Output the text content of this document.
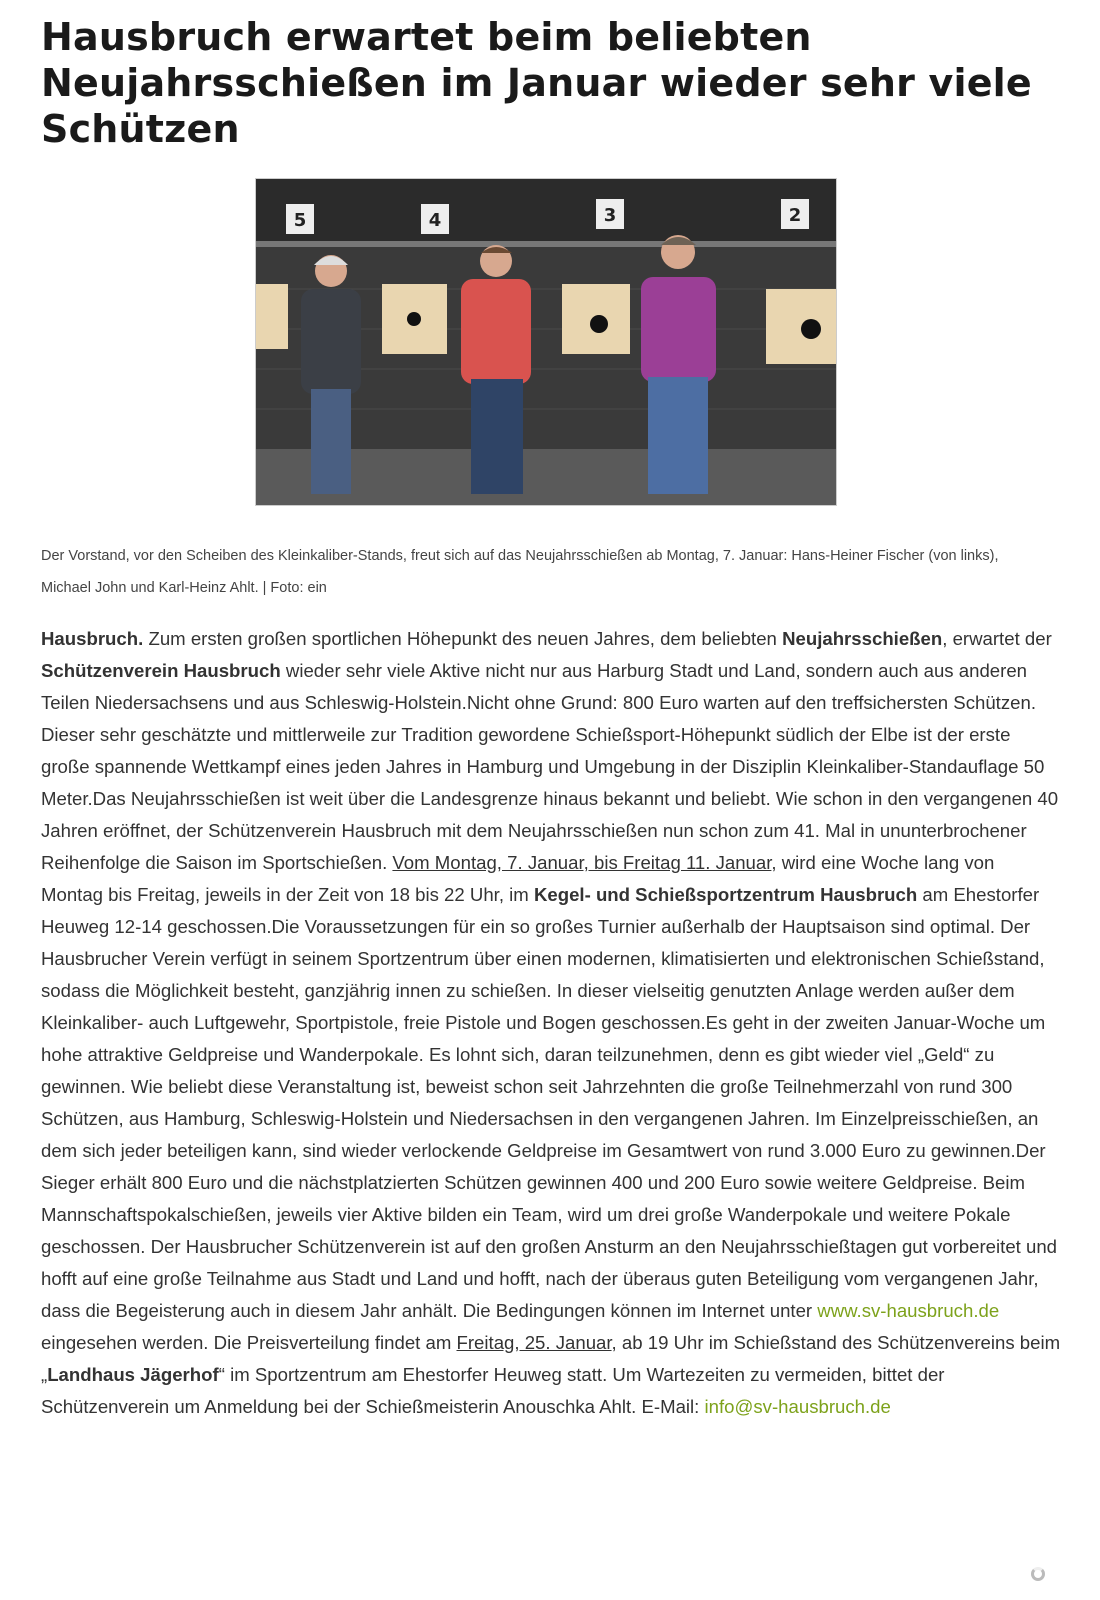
Hausbruch erwartet beim beliebten Neujahrsschießen im Januar wieder sehr viele Schützen
5	4	3	2
Der Vorstand, vor den Scheiben des Kleinkaliber-Stands, freut sich auf das Neujahrsschießen ab Montag, 7. Januar: Hans-Heiner Fischer (von links), Michael John und Karl-Heinz Ahlt. | Foto: ein
Hausbruch. Zum ersten großen sportlichen Höhepunkt des neuen Jahres, dem beliebten Neujahrsschießen, erwartet der Schützenverein Hausbruch wieder sehr viele Aktive nicht nur aus Harburg Stadt und Land, sondern auch aus anderen Teilen Niedersachsens und aus Schleswig-Holstein.Nicht ohne Grund: 800 Euro warten auf den treffsichersten Schützen. Dieser sehr geschätzte und mittlerweile zur Tradition gewordene Schießsport-Höhepunkt südlich der Elbe ist der erste große spannende Wettkampf eines jeden Jahres in Hamburg und Umgebung in der Disziplin Kleinkaliber-Standauflage 50 Meter.Das Neujahrsschießen ist weit über die Landesgrenze hinaus bekannt und beliebt. Wie schon in den vergangenen 40 Jahren eröffnet, der Schützenverein Hausbruch mit dem Neujahrsschießen nun schon zum 41. Mal in ununterbrochener Reihenfolge die Saison im Sportschießen. Vom Montag, 7. Januar, bis Freitag 11. Januar, wird eine Woche lang von Montag bis Freitag, jeweils in der Zeit von 18 bis 22 Uhr, im Kegel- und Schießsportzentrum Hausbruch am Ehestorfer Heuweg 12-14 geschossen.Die Voraussetzungen für ein so großes Turnier außerhalb der Hauptsaison sind optimal. Der Hausbrucher Verein verfügt in seinem Sportzentrum über einen modernen, klimatisierten und elektronischen Schießstand, sodass die Möglichkeit besteht, ganzjährig innen zu schießen. In dieser vielseitig genutzten Anlage werden außer dem Kleinkaliber- auch Luftgewehr, Sportpistole, freie Pistole und Bogen geschossen.Es geht in der zweiten Januar-Woche um hohe attraktive Geldpreise und Wanderpokale. Es lohnt sich, daran teilzunehmen, denn es gibt wieder viel „Geld“ zu gewinnen. Wie beliebt diese Veranstaltung ist, beweist schon seit Jahrzehnten die große Teilnehmerzahl von rund 300 Schützen, aus Hamburg, Schleswig-Holstein und Niedersachsen in den vergangenen Jahren. Im Einzelpreisschießen, an dem sich jeder beteiligen kann, sind wieder verlockende Geldpreise im Gesamtwert von rund 3.000 Euro zu gewinnen.Der Sieger erhält 800 Euro und die nächstplatzierten Schützen gewinnen 400 und 200 Euro sowie weitere Geldpreise. Beim Mannschaftspokalschießen, jeweils vier Aktive bilden ein Team, wird um drei große Wanderpokale und weitere Pokale geschossen. Der Hausbrucher Schützenverein ist auf den großen Ansturm an den Neujahrsschießtagen gut vorbereitet und hofft auf eine große Teilnahme aus Stadt und Land und hofft, nach der überaus guten Beteiligung vom vergangenen Jahr, dass die Begeisterung auch in diesem Jahr anhält. Die Bedingungen können im Internet unter www.sv-hausbruch.de eingesehen werden. Die Preisverteilung findet am Freitag, 25. Januar, ab 19 Uhr im Schießstand des Schützenvereins beim „Landhaus Jägerhof“ im Sportzentrum am Ehestorfer Heuweg statt. Um Wartezeiten zu vermeiden, bittet der Schützenverein um Anmeldung bei der Schießmeisterin Anouschka Ahlt. E-Mail: info@sv-hausbruch.de
